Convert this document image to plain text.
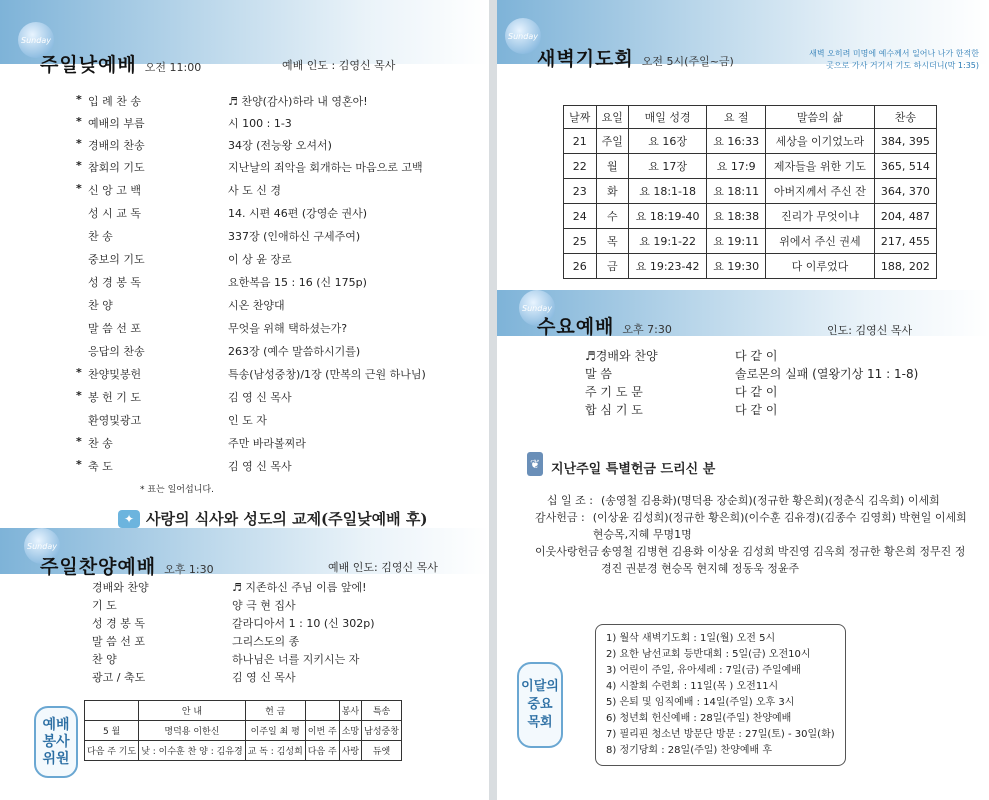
Sunday
주일낮예배 오전 11:00	예배 인도 : 김영신 목사
* 입 례 찬 송	♬ 찬양(감사)하라 내 영혼아!
* 예배의 부름	시 100 : 1-3
* 경배의 찬송	34장 (전능왕 오셔서)
* 참회의 기도	지난날의 죄악을 회개하는 마음으로 고백
* 신 앙 고 백	사 도 신 경
성 시 교 독	14. 시편 46편 (강영순 권사)
찬 송	337장 (인애하신 구세주여)
중보의 기도	이 상 윤 장로
성 경 봉 독	요한복음 15 : 16 (신 175p)
찬 양	시온 찬양대
말 씀 선 포	무엇을 위해 택하셨는가?
응답의 찬송	263장 (예수 말씀하시기를)
* 찬양및봉헌	특송(남성중창)/1장 (만복의 근원 하나님)
* 봉 헌 기 도	김 영 신 목사
환영및광고	인 도 자
* 찬 송	주만 바라볼찌라
* 축 도	김 영 신 목사
* 표는 일어섭니다.
✦ 사랑의 식사와 성도의 교제(주일낮예배 후)
Sunday
주일찬양예배 오후 1:30	예배 인도: 김영신 목사
경배와 찬양	♬ 지존하신 주님 이름 앞에!
기 도	양 극 현 집사
성 경 봉 독	갈라디아서 1 : 10 (신 302p)
말 씀 선 포	그리스도의 종
찬 양	하나님은 너를 지키시는 자
광고 / 축도	김 영 신 목사
예배 봉사 위원
	안 내	헌 금		봉사	특송
5 월	명덕용 이한신	이주일 최 평	이번 주	소망	남성중창
다음 주 기도	낮 : 이수훈 찬 양 : 김유경	교 독 : 김성희	다음 주	사랑	듀엣
Sunday
새벽기도회 오전 5시(주일~금)
새벽 오히려 미명에 예수께서 일어나 나가 한적한
곳으로 가사 거기서 기도 하시더니(막 1:35)
날짜	요일	매일 성경	요 절	말씀의 삶	찬송
21	주일	요 16장	요 16:33	세상을 이기었노라	384, 395
22	월	요 17장	요 17:9	제자들을 위한 기도	365, 514
23	화	요 18:1-18	요 18:11	아버지께서 주신 잔	364, 370
24	수	요 18:19-40	요 18:38	진리가 무엇이냐	204, 487
25	목	요 19:1-22	요 19:11	위에서 주신 권세	217, 455
26	금	요 19:23-42	요 19:30	다 이루었다	188, 202
Sunday
수요예배 오후 7:30	인도: 김영신 목사
♬경배와 찬양	다 같 이
말 씀	솔로몬의 실패 (열왕기상 11 : 1-8)
주 기 도 문	다 같 이
합 심 기 도	다 같 이
❦ 지난주일 특별헌금 드리신 분
십 일 조 : (송영철 김용화)(명덕용 장순희)(정규한 황은희)(정춘식 김옥희) 이세희
감사헌금 : (이상윤 김성희)(정규한 황은희)(이수훈 김유경)(김종수 김영희) 박현일 이세희 현승목,지혜 무명1명
이웃사랑헌금 :
송영철 김병현 김용화 이상윤 김성희 박진영 김옥희 정규한 황은희 정무진 정경진 권분경 현승목 현지혜 정동욱 정윤주
이달의 중요 목회
1) 월삭 새벽기도회 : 1일(월) 오전 5시
2) 요한 남선교회 등반대회 : 5일(금) 오전10시
3) 어린이 주일, 유아세례 : 7일(금) 주일예배
4) 시찰회 수련회 : 11일(목 ) 오전11시
5) 은퇴 및 임직예배 : 14일(주일) 오후 3시
6) 청년회 헌신예배 : 28일(주일) 찬양예배
7) 필리핀 청소년 방문단 방문 : 27일(토) - 30일(화)
8) 정기당회 : 28일(주일) 찬양예배 후
